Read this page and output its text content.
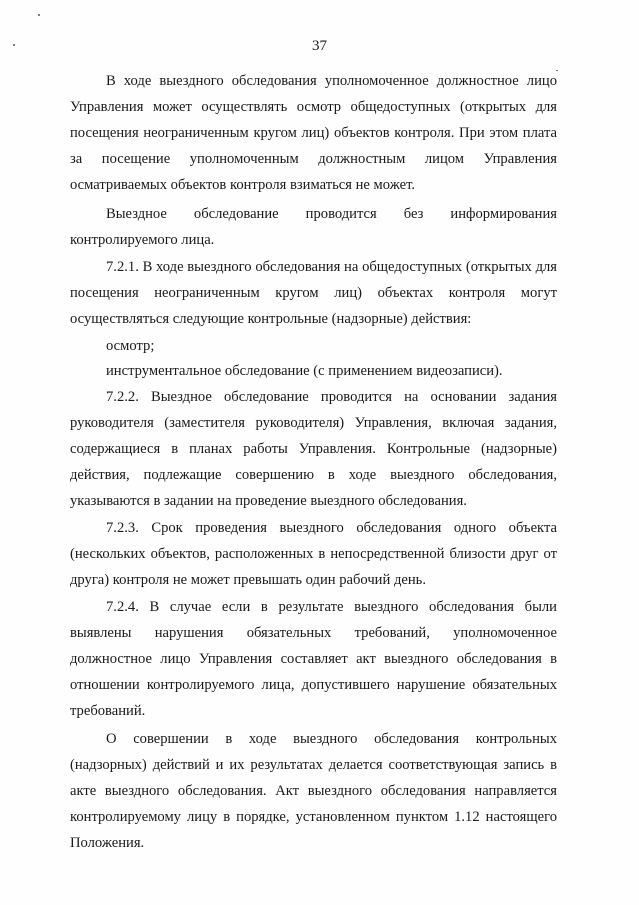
37

В ходе выездного обследования уполномоченное должностное лицо Управления может осуществлять осмотр общедоступных (открытых для посещения неограниченным кругом лиц) объектов контроля. При этом плата за посещение уполномоченным должностным лицом Управления осматриваемых объектов контроля взиматься не может.

Выездное обследование проводится без информирования контролируемого лица.

7.2.1. В ходе выездного обследования на общедоступных (открытых для посещения неограниченным кругом лиц) объектах контроля могут осуществляться следующие контрольные (надзорные) действия:

осмотр;

инструментальное обследование (с применением видеозаписи).

7.2.2. Выездное обследование проводится на основании задания руководителя (заместителя руководителя) Управления, включая задания, содержащиеся в планах работы Управления. Контрольные (надзорные) действия, подлежащие совершению в ходе выездного обследования, указываются в задании на проведение выездного обследования.

7.2.3. Срок проведения выездного обследования одного объекта (нескольких объектов, расположенных в непосредственной близости друг от друга) контроля не может превышать один рабочий день.

7.2.4. В случае если в результате выездного обследования были выявлены нарушения обязательных требований, уполномоченное должностное лицо Управления составляет акт выездного обследования в отношении контролируемого лица, допустившего нарушение обязательных требований.

О совершении в ходе выездного обследования контрольных (надзорных) действий и их результатах делается соответствующая запись в акте выездного обследования. Акт выездного обследования направляется контролируемому лицу в порядке, установленном пунктом 1.12 настоящего Положения.
